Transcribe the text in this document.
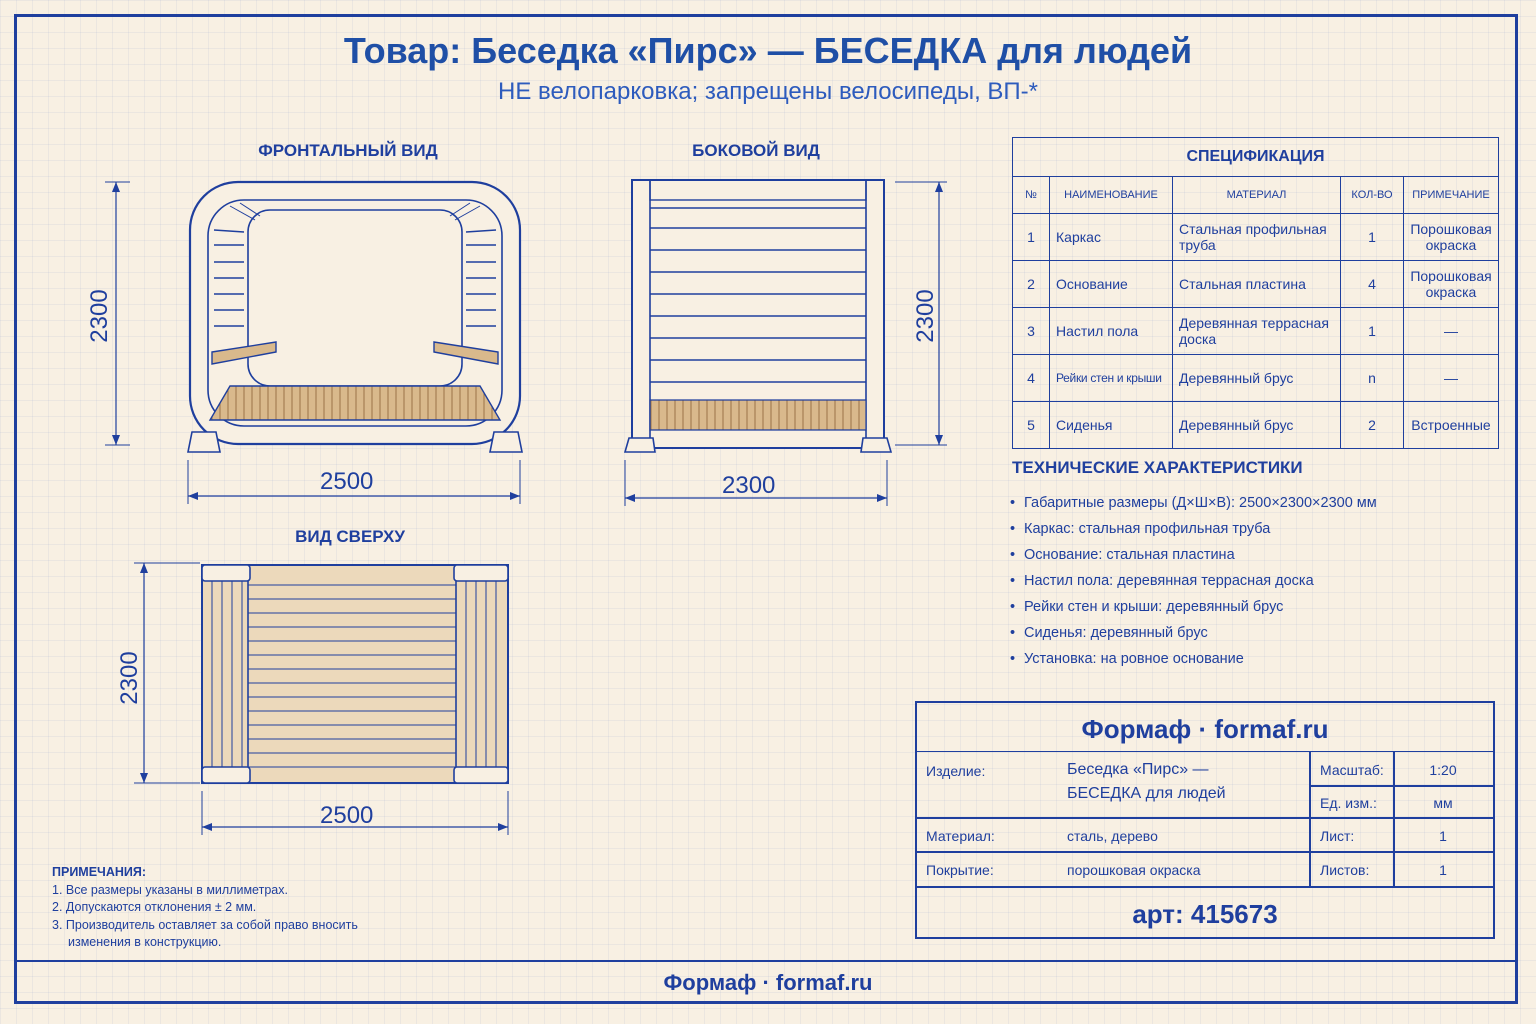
Товар: Беседка «Пирс» — БЕСЕДКА для людей
НЕ велопарковка; запрещены велосипеды, ВП-*
ФРОНТАЛЬНЫЙ ВИД	БОКОВОЙ ВИД
ВИД СВЕРХУ
2300
2500
2300
2300
2300
2500
СПЕЦИФИКАЦИЯ				
№	НАИМЕНОВАНИЕ	МАТЕРИАЛ	КОЛ-ВО	ПРИМЕЧАНИЕ
1	Каркас	Стальная профильная труба	1	Порошковая окраска
2	Основание	Стальная пластина	4	Порошковая окраска
3	Настил пола	Деревянная террасная доска	1	—
4	Рейки стен и крыши	Деревянный брус	n	—
5	Сиденья	Деревянный брус	2	Встроенные
ТЕХНИЧЕСКИЕ ХАРАКТЕРИСТИКИ
• Габаритные размеры (Д×Ш×В): 2500×2300×2300 мм
• Каркас: стальная профильная труба
• Основание: стальная пластина
• Настил пола: деревянная террасная доска
• Рейки стен и крыши: деревянный брус
• Сиденья: деревянный брус
• Установка: на ровное основание
Формаф · formaf.ru
Изделие:	Беседка «Пирс» —
БЕСЕДКА для людей
Масштаб:	1:20
Ед. изм.:	мм
Материал:	сталь, дерево	Лист:	1
Покрытие:	порошковая окраска	Листов:	1
арт: 415673
ПРИМЕЧАНИЯ:
1. Все размеры указаны в миллиметрах.
2. Допускаются отклонения ± 2 мм.
3. Производитель оставляет за собой право вносить изменения в конструкцию.
Формаф · formaf.ru
